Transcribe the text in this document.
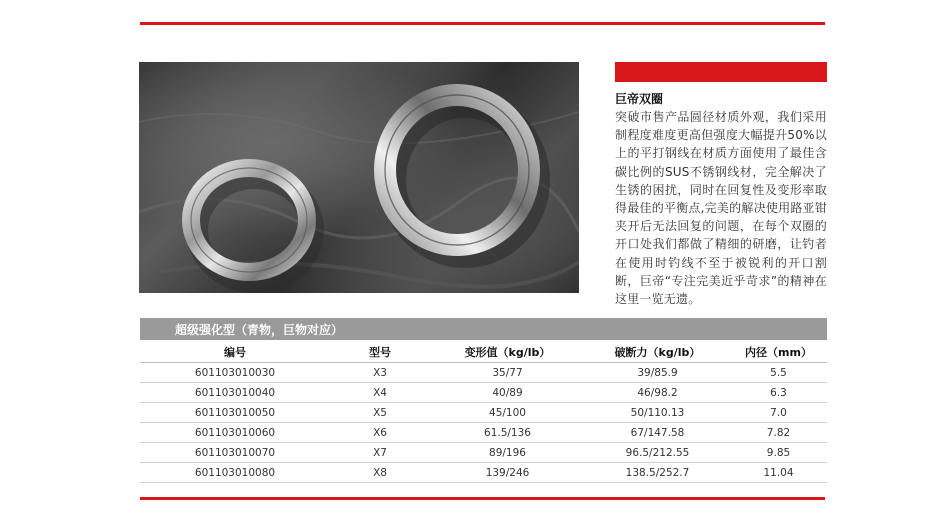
巨帝双圈
突破市售产品圆径材质外观，我们采用制程度难度更高但强度大幅提升50%以上的平打钢线在材质方面使用了最佳含碳比例的SUS不锈钢线材，完全解决了生锈的困扰，同时在回复性及变形率取得最佳的平衡点,完美的解决使用路亚钳夹开后无法回复的问题，在每个双圈的开口处我们都做了精细的研磨，让钓者在使用时钓线不至于被锐利的开口割断，巨帝“专注完美近乎苛求”的精神在这里一览无遗。
超级强化型（青物，巨物对应）
编号	型号	变形值（kg/lb）	破断力（kg/lb）	内径（mm）
601103010030	X3	35/77	39/85.9	5.5
601103010040	X4	40/89	46/98.2	6.3
601103010050	X5	45/100	50/110.13	7.0
601103010060	X6	61.5/136	67/147.58	7.82
601103010070	X7	89/196	96.5/212.55	9.85
601103010080	X8	139/246	138.5/252.7	11.04
